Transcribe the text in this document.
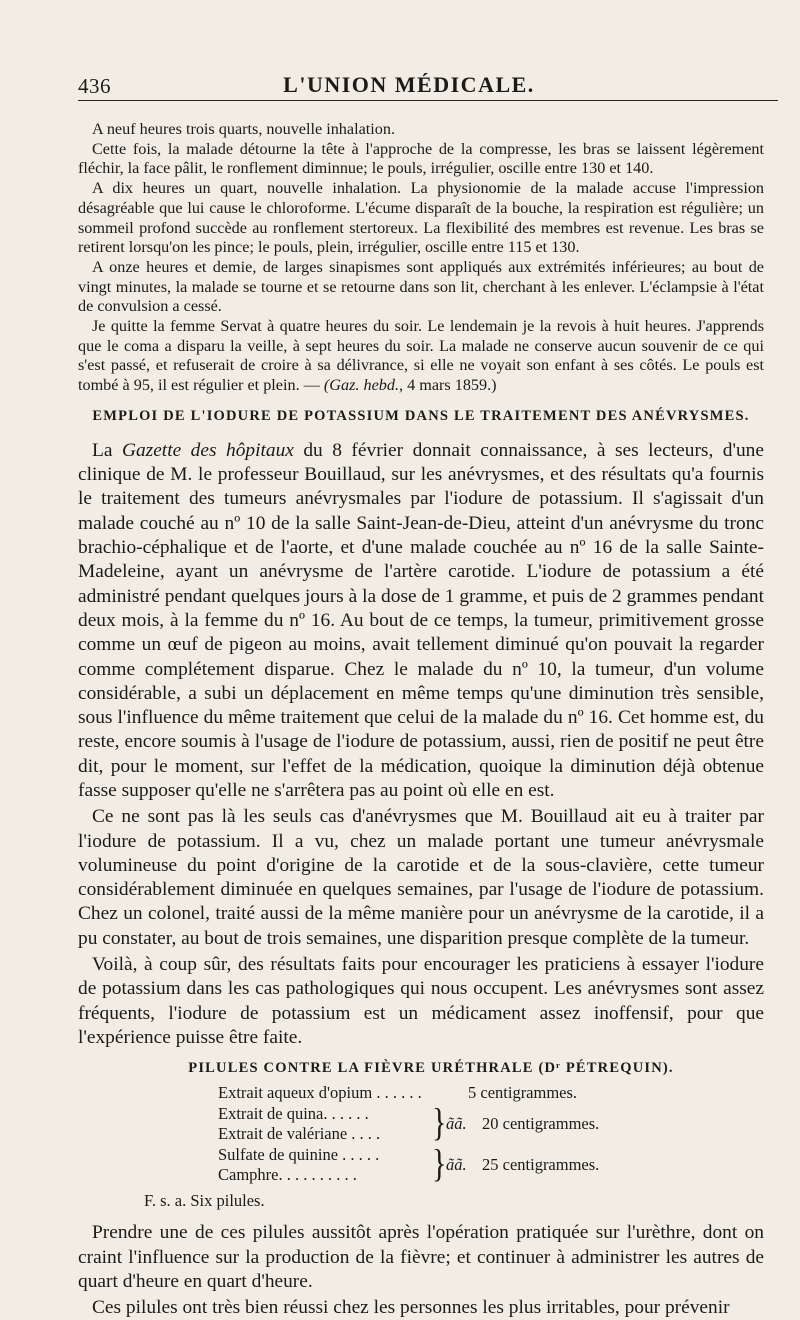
436	L'UNION MÉDICALE.

A neuf heures trois quarts, nouvelle inhalation.

Cette fois, la malade détourne la tête à l'approche de la compresse, les bras se laissent légèrement fléchir, la face pâlit, le ronflement diminnue; le pouls, irrégulier, oscille entre 130 et 140.

A dix heures un quart, nouvelle inhalation. La physionomie de la malade accuse l'impression désagréable que lui cause le chloroforme. L'écume disparaît de la bouche, la respiration est régulière; un sommeil profond succède au ronflement stertoreux. La flexibilité des membres est revenue. Les bras se retirent lorsqu'on les pince; le pouls, plein, irrégulier, oscille entre 115 et 130.

A onze heures et demie, de larges sinapismes sont appliqués aux extrémités inférieures; au bout de vingt minutes, la malade se tourne et se retourne dans son lit, cherchant à les enlever. L'éclampsie à l'état de convulsion a cessé.

Je quitte la femme Servat à quatre heures du soir. Le lendemain je la revois à huit heures. J'apprends que le coma a disparu la veille, à sept heures du soir. La malade ne conserve aucun souvenir de ce qui s'est passé, et refuserait de croire à sa délivrance, si elle ne voyait son enfant à ses côtés. Le pouls est tombé à 95, il est régulier et plein. — (Gaz. hebd., 4 mars 1859.)

EMPLOI DE L'IODURE DE POTASSIUM DANS LE TRAITEMENT DES ANÉVRYSMES.

La Gazette des hôpitaux du 8 février donnait connaissance, à ses lecteurs, d'une clinique de M. le professeur Bouillaud, sur les anévrysmes, et des résultats qu'a fournis le traitement des tumeurs anévrysmales par l'iodure de potassium. Il s'agissait d'un malade couché au nº 10 de la salle Saint-Jean-de-Dieu, atteint d'un anévrysme du tronc brachio-céphalique et de l'aorte, et d'une malade couchée au nº 16 de la salle Sainte-Madeleine, ayant un anévrysme de l'artère carotide. L'iodure de potassium a été administré pendant quelques jours à la dose de 1 gramme, et puis de 2 grammes pendant deux mois, à la femme du nº 16. Au bout de ce temps, la tumeur, primitivement grosse comme un œuf de pigeon au moins, avait tellement diminué qu'on pouvait la regarder comme complétement disparue. Chez le malade du nº 10, la tumeur, d'un volume considérable, a subi un déplacement en même temps qu'une diminution très sensible, sous l'influence du même traitement que celui de la malade du nº 16. Cet homme est, du reste, encore soumis à l'usage de l'iodure de potassium, aussi, rien de positif ne peut être dit, pour le moment, sur l'effet de la médication, quoique la diminution déjà obtenue fasse supposer qu'elle ne s'arrêtera pas au point où elle en est.

Ce ne sont pas là les seuls cas d'anévrysmes que M. Bouillaud ait eu à traiter par l'iodure de potassium. Il a vu, chez un malade portant une tumeur anévrysmale volumineuse du point d'origine de la carotide et de la sous-clavière, cette tumeur considérablement diminuée en quelques semaines, par l'usage de l'iodure de potassium. Chez un colonel, traité aussi de la même manière pour un anévrysme de la carotide, il a pu constater, au bout de trois semaines, une disparition presque complète de la tumeur.

Voilà, à coup sûr, des résultats faits pour encourager les praticiens à essayer l'iodure de potassium dans les cas pathologiques qui nous occupent. Les anévrysmes sont assez fréquents, l'iodure de potassium est un médicament assez inoffensif, pour que l'expérience puisse être faite.

PILULES CONTRE LA FIÈVRE URÉTHRALE (Dʳ PÉTREQUIN).
Extrait aqueux d'opium . . . . . .	5 centigrammes.
Extrait de quina. . . . . .
Extrait de valériane . . . .	} ãã. 20 centigrammes.
Sulfate de quinine . . . . .
Camphre. . . . . . . . . .	} ãã. 25 centigrammes.
F. s. a. Six pilules.

Prendre une de ces pilules aussitôt après l'opération pratiquée sur l'urèthre, dont on craint l'influence sur la production de la fièvre; et continuer à administrer les autres de quart d'heure en quart d'heure.

Ces pilules ont très bien réussi chez les personnes les plus irritables, pour prévenir
